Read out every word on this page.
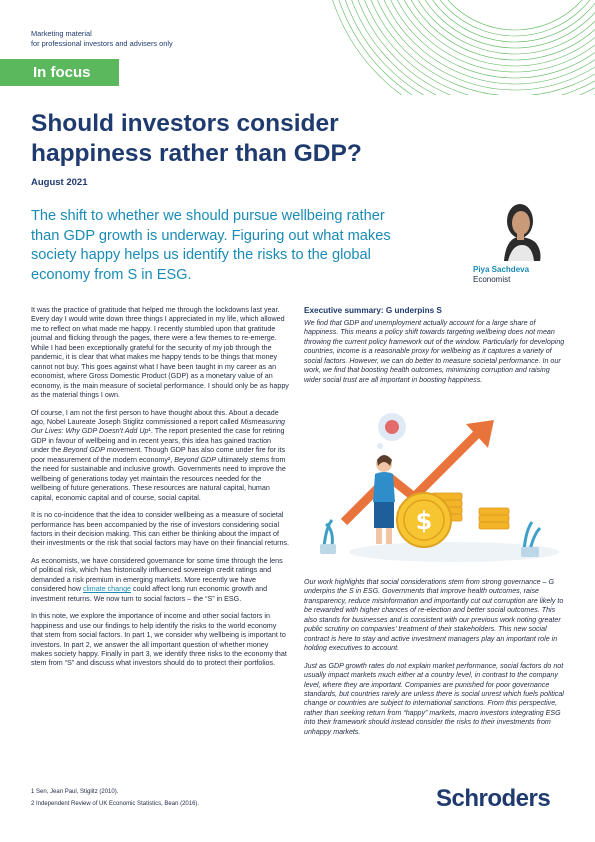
Marketing material
for professional investors and advisers only
In focus
Should investors consider
happiness rather than GDP?
August 2021
The shift to whether we should pursue wellbeing rather than GDP growth is underway. Figuring out what makes society happy helps us identify the risks to the global economy from S in ESG.	Piya Sachdeva
Economist

It was the practice of gratitude that helped me through the lockdowns last year. Every day I would write down three things I appreciated in my life, which allowed me to reflect on what made me happy. I recently stumbled upon that gratitude journal and flicking through the pages, there were a few themes to re-emerge. While I had been exceptionally grateful for the security of my job through the pandemic, it is clear that what makes me happy tends to be things that money cannot not buy. This goes against what I have been taught in my career as an economist, where Gross Domestic Product (GDP) as a monetary value of an economy, is the main measure of societal performance. I should only be as happy as the material things I own.

Of course, I am not the first person to have thought about this. About a decade ago, Nobel Laureate Joseph Stiglitz commissioned a report called Mismeasuring Our Lives: Why GDP Doesn't Add Up¹. The report presented the case for retiring GDP in favour of wellbeing and in recent years, this idea has gained traction under the Beyond GDP movement. Though GDP has also come under fire for its poor measurement of the modern economy², Beyond GDP ultimately stems from the need for sustainable and inclusive growth. Governments need to improve the wellbeing of generations today yet maintain the resources needed for the wellbeing of future generations. These resources are natural capital, human capital, economic capital and of course, social capital.

It is no co-incidence that the idea to consider wellbeing as a measure of societal performance has been accompanied by the rise of investors considering social factors in their decision making. This can either be thinking about the impact of their investments or the risk that social factors may have on their financial returns.

As economists, we have considered governance for some time through the lens of political risk, which has historically influenced sovereign credit ratings and demanded a risk premium in emerging markets. More recently we have considered how climate change could affect long run economic growth and investment returns. We now turn to social factors – the “S” in ESG.

In this note, we explore the importance of income and other social factors in happiness and use our findings to help identify the risks to the world economy that stem from social factors. In part 1, we consider why wellbeing is important to investors. In part 2, we answer the all important question of whether money makes society happy. Finally in part 3, we identify three risks to the economy that stem from “S” and discuss what investors should do to protect their portfolios.

1 Sen, Jean Paul, Stiglitz (2010).
2 Independent Review of UK Economic Statistics, Bean (2016).
Executive summary: G underpins S

We find that GDP and unemployment actually account for a large share of happiness. This means a policy shift towards targeting wellbeing does not mean throwing the current policy framework out of the window. Particularly for developing countries, income is a reasonable proxy for wellbeing as it captures a variety of social factors. However, we can do better to measure societal performance. In our work, we find that boosting health outcomes, minimizing corruption and raising wider social trust are all important in boosting happiness.

$

Our work highlights that social considerations stem from strong governance – G underpins the S in ESG. Governments that improve health outcomes, raise transparency, reduce misinformation and importantly cut out corruption are likely to be rewarded with higher chances of re-election and better social outcomes. This also stands for businesses and is consistent with our previous work noting greater public scrutiny on companies' treatment of their stakeholders. This new social contract is here to stay and active investment managers play an important role in holding executives to account.

Just as GDP growth rates do not explain market performance, social factors do not usually impact markets much either at a country level, in contrast to the company level, where they are important. Companies are punished for poor governance standards, but countries rarely are unless there is social unrest which fuels political change or countries are subject to international sanctions. From this perspective, rather than seeking return from “happy” markets, macro investors integrating ESG into their framework should instead consider the risks to their investments from unhappy markets.

Schroders
